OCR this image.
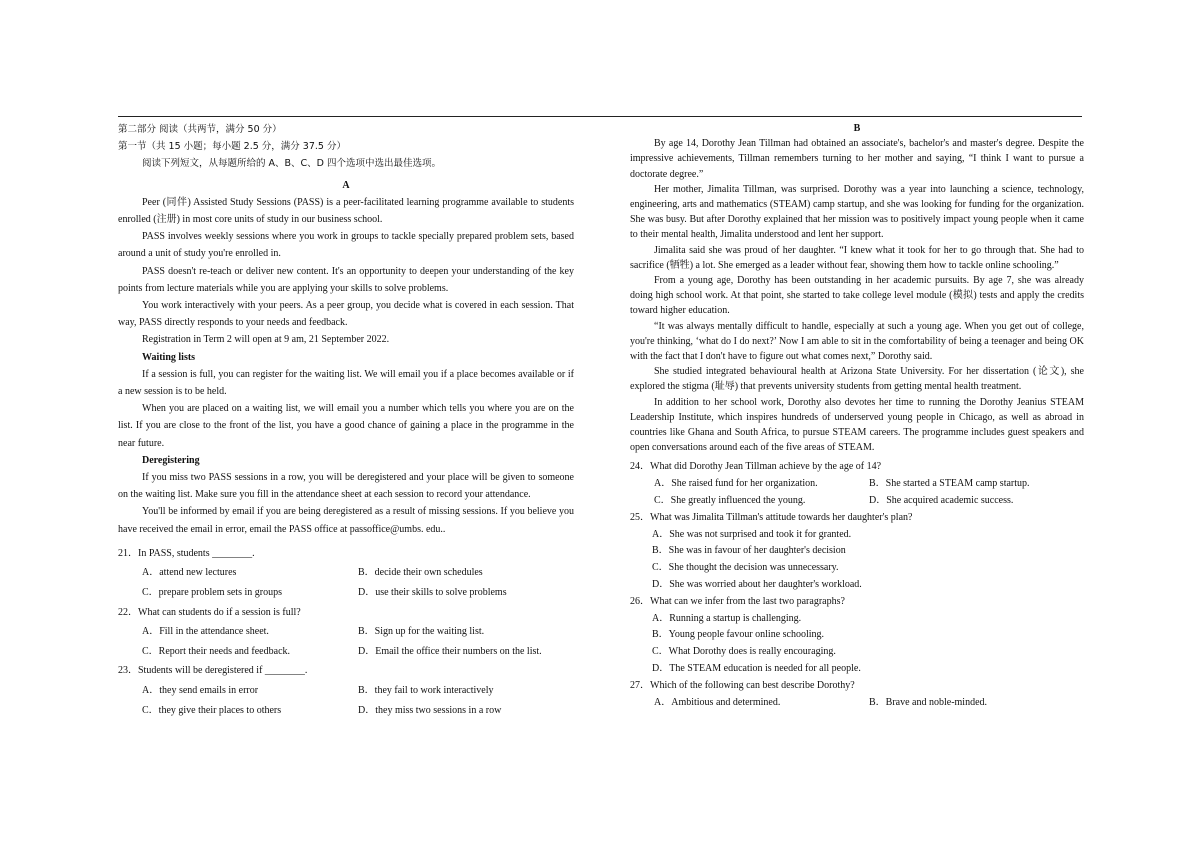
第二部分 阅读（共两节，满分 50 分）

第一节（共 15 小题；每小题 2.5 分，满分 37.5 分）

阅读下列短文，从每题所给的 A、B、C、D 四个选项中选出最佳选项。

A

Peer (同伴) Assisted Study Sessions (PASS) is a peer-facilitated learning programme available to students enrolled (注册) in most core units of study in our business school.

PASS involves weekly sessions where you work in groups to tackle specially prepared problem sets, based around a unit of study you're enrolled in.

PASS doesn't re-teach or deliver new content. It's an opportunity to deepen your understanding of the key points from lecture materials while you are applying your skills to solve problems.

You work interactively with your peers. As a peer group, you decide what is covered in each session. That way, PASS directly responds to your needs and feedback.

Registration in Term 2 will open at 9 am, 21 September 2022.

Waiting lists

If a session is full, you can register for the waiting list. We will email you if a place becomes available or if a new session is to be held.

When you are placed on a waiting list, we will email you a number which tells you where you are on the list. If you are close to the front of the list, you have a good chance of gaining a place in the programme in the near future.

Deregistering

If you miss two PASS sessions in a row, you will be deregistered and your place will be given to someone on the waiting list. Make sure you fill in the attendance sheet at each session to record your attendance.

You'll be informed by email if you are being deregistered as a result of missing sessions. If you believe you have received the email in error, email the PASS office at passoffice@umbs. edu..

21．In PASS, students ________.

A．attend new lectures	B．decide their own schedules
C．prepare problem sets in groups	D．use their skills to solve problems

22．What can students do if a session is full?

A．Fill in the attendance sheet.	B．Sign up for the waiting list.
C．Report their needs and feedback.	D．Email the office their numbers on the list.

23．Students will be deregistered if ________.

A．they send emails in error	B．they fail to work interactively
C．they give their places to others	D．they miss two sessions in a row

B

By age 14, Dorothy Jean Tillman had obtained an associate's, bachelor's and master's degree. Despite the impressive achievements, Tillman remembers turning to her mother and saying, “I think I want to pursue a doctorate degree.”

Her mother, Jimalita Tillman, was surprised. Dorothy was a year into launching a science, technology, engineering, arts and mathematics (STEAM) camp startup, and she was looking for funding for the organization. She was busy. But after Dorothy explained that her mission was to positively impact young people when it came to their mental health, Jimalita understood and lent her support.

Jimalita said she was proud of her daughter. “I knew what it took for her to go through that. She had to sacrifice (牺牲) a lot. She emerged as a leader without fear, showing them how to tackle online schooling.”

From a young age, Dorothy has been outstanding in her academic pursuits. By age 7, she was already doing high school work. At that point, she started to take college level module (模拟) tests and apply the credits toward higher education.

“It was always mentally difficult to handle, especially at such a young age. When you get out of college, you're thinking, ‘what do I do next?’ Now I am able to sit in the comfortability of being a teenager and being OK with the fact that I don't have to figure out what comes next,” Dorothy said.

She studied integrated behavioural health at Arizona State University. For her dissertation (论文), she explored the stigma (耻辱) that prevents university students from getting mental health treatment.

In addition to her school work, Dorothy also devotes her time to running the Dorothy Jeanius STEAM Leadership Institute, which inspires hundreds of underserved young people in Chicago, as well as abroad in countries like Ghana and South Africa, to pursue STEAM careers. The programme includes guest speakers and open conversations around each of the five areas of STEAM.

24．What did Dorothy Jean Tillman achieve by the age of 14?

A．She raised fund for her organization.	B．She started a STEAM camp startup.
C．She greatly influenced the young.	D．She acquired academic success.

25．What was Jimalita Tillman's attitude towards her daughter's plan?

A．She was not surprised and took it for granted.
B．She was in favour of her daughter's decision
C．She thought the decision was unnecessary.
D．She was worried about her daughter's workload.

26．What can we infer from the last two paragraphs?

A．Running a startup is challenging.
B．Young people favour online schooling.
C．What Dorothy does is really encouraging.
D．The STEAM education is needed for all people.

27．Which of the following can best describe Dorothy?

A．Ambitious and determined.	B．Brave and noble-minded.
